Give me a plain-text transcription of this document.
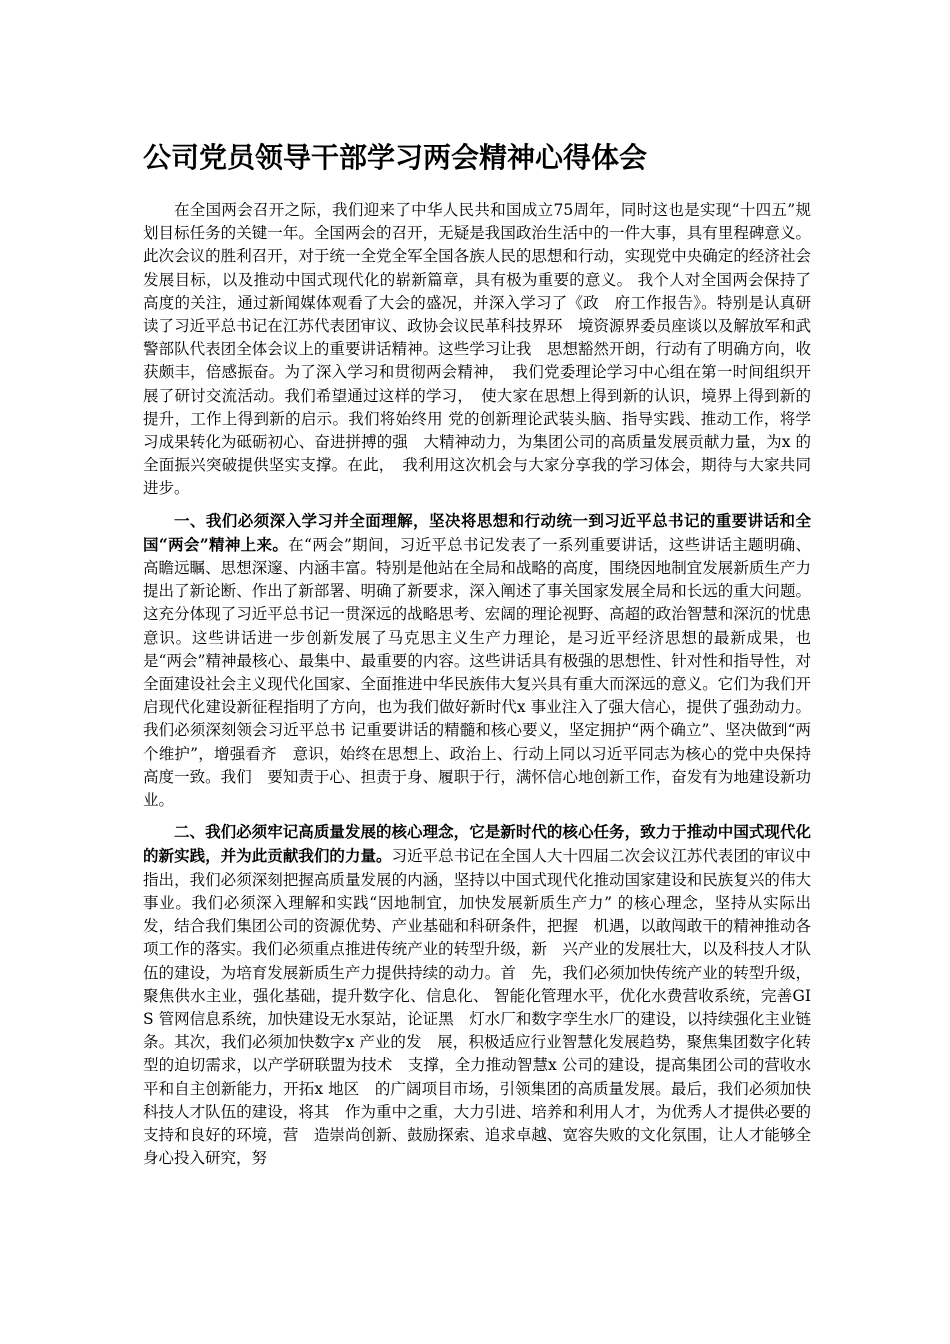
公司党员领导干部学习两会精神心得体会

在全国两会召开之际，我们迎来了中华人民共和国成立75周年，同时这也是实现“十四五”规划目标任务的关键一年。全国两会的召开，无疑是我国政治生活中的一件大事，具有里程碑意义。此次会议的胜利召开，对于统一全党全军全国各族人民的思想和行动，实现党中央确定的经济社会发展目标，以及推动中国式现代化的崭新篇章，具有极为重要的意义。 我个人对全国两会保持了高度的关注，通过新闻媒体观看了大会的盛况，并深入学习了《政　府工作报告》。特别是认真研读了习近平总书记在江苏代表团审议、政协会议民革科技界环　境资源界委员座谈以及解放军和武警部队代表团全体会议上的重要讲话精神。这些学习让我　思想豁然开朗，行动有了明确方向，收获颇丰，倍感振奋。为了深入学习和贯彻两会精神，　我们党委理论学习中心组在第一时间组织开展了研讨交流活动。我们希望通过这样的学习，　使大家在思想上得到新的认识，境界上得到新的提升，工作上得到新的启示。我们将始终用 党的创新理论武装头脑、指导实践、推动工作，将学习成果转化为砥砺初心、奋进拼搏的强　大精神动力，为集团公司的高质量发展贡献力量，为x 的全面振兴突破提供坚实支撑。在此，　我利用这次机会与大家分享我的学习体会，期待与大家共同进步。

一、我们必须深入学习并全面理解，坚决将思想和行动统一到习近平总书记的重要讲话和全国“两会”精神上来。在“两会”期间，习近平总书记发表了一系列重要讲话，这些讲话主题明确、高瞻远瞩、思想深邃、内涵丰富。特别是他站在全局和战略的高度，围绕因地制宜发展新质生产力提出了新论断、作出了新部署、明确了新要求，深入阐述了事关国家发展全局和长远的重大问题。这充分体现了习近平总书记一贯深远的战略思考、宏阔的理论视野、高超的政治智慧和深沉的忧患意识。这些讲话进一步创新发展了马克思主义生产力理论，是习近平经济思想的最新成果，也是“两会”精神最核心、最集中、最重要的内容。这些讲话具有极强的思想性、针对性和指导性，对全面建设社会主义现代化国家、全面推进中华民族伟大复兴具有重大而深远的意义。它们为我们开启现代化建设新征程指明了方向，也为我们做好新时代x 事业注入了强大信心，提供了强劲动力。我们必须深刻领会习近平总书 记重要讲话的精髓和核心要义，坚定拥护“两个确立”、坚决做到“两个维护”，增强看齐　意识，始终在思想上、政治上、行动上同以习近平同志为核心的党中央保持高度一致。我们　要知责于心、担责于身、履职于行，满怀信心地创新工作，奋发有为地建设新功业。

二、我们必须牢记高质量发展的核心理念，它是新时代的核心任务，致力于推动中国式现代化的新实践，并为此贡献我们的力量。习近平总书记在全国人大十四届二次会议江苏代表团的审议中指出，我们必须深刻把握高质量发展的内涵，坚持以中国式现代化推动国家建设和民族复兴的伟大事业。我们必须深入理解和实践“因地制宜，加快发展新质生产力” 的核心理念，坚持从实际出发，结合我们集团公司的资源优势、产业基础和科研条件，把握　机遇，以敢闯敢干的精神推动各项工作的落实。我们必须重点推进传统产业的转型升级，新　兴产业的发展壮大，以及科技人才队伍的建设，为培育发展新质生产力提供持续的动力。首　先，我们必须加快传统产业的转型升级，聚焦供水主业，强化基础，提升数字化、信息化、 智能化管理水平，优化水费营收系统，完善GIS 管网信息系统，加快建设无水泵站，论证黑　灯水厂和数字孪生水厂的建设，以持续强化主业链条。其次，我们必须加快数字x 产业的发　展，积极适应行业智慧化发展趋势，聚焦集团数字化转型的迫切需求，以产学研联盟为技术　支撑，全力推动智慧x 公司的建设，提高集团公司的营收水平和自主创新能力，开拓x 地区　的广阔项目市场，引领集团的高质量发展。最后，我们必须加快科技人才队伍的建设，将其　作为重中之重，大力引进、培养和利用人才，为优秀人才提供必要的支持和良好的环境，营　造崇尚创新、鼓励探索、追求卓越、宽容失败的文化氛围，让人才能够全身心投入研究，努
